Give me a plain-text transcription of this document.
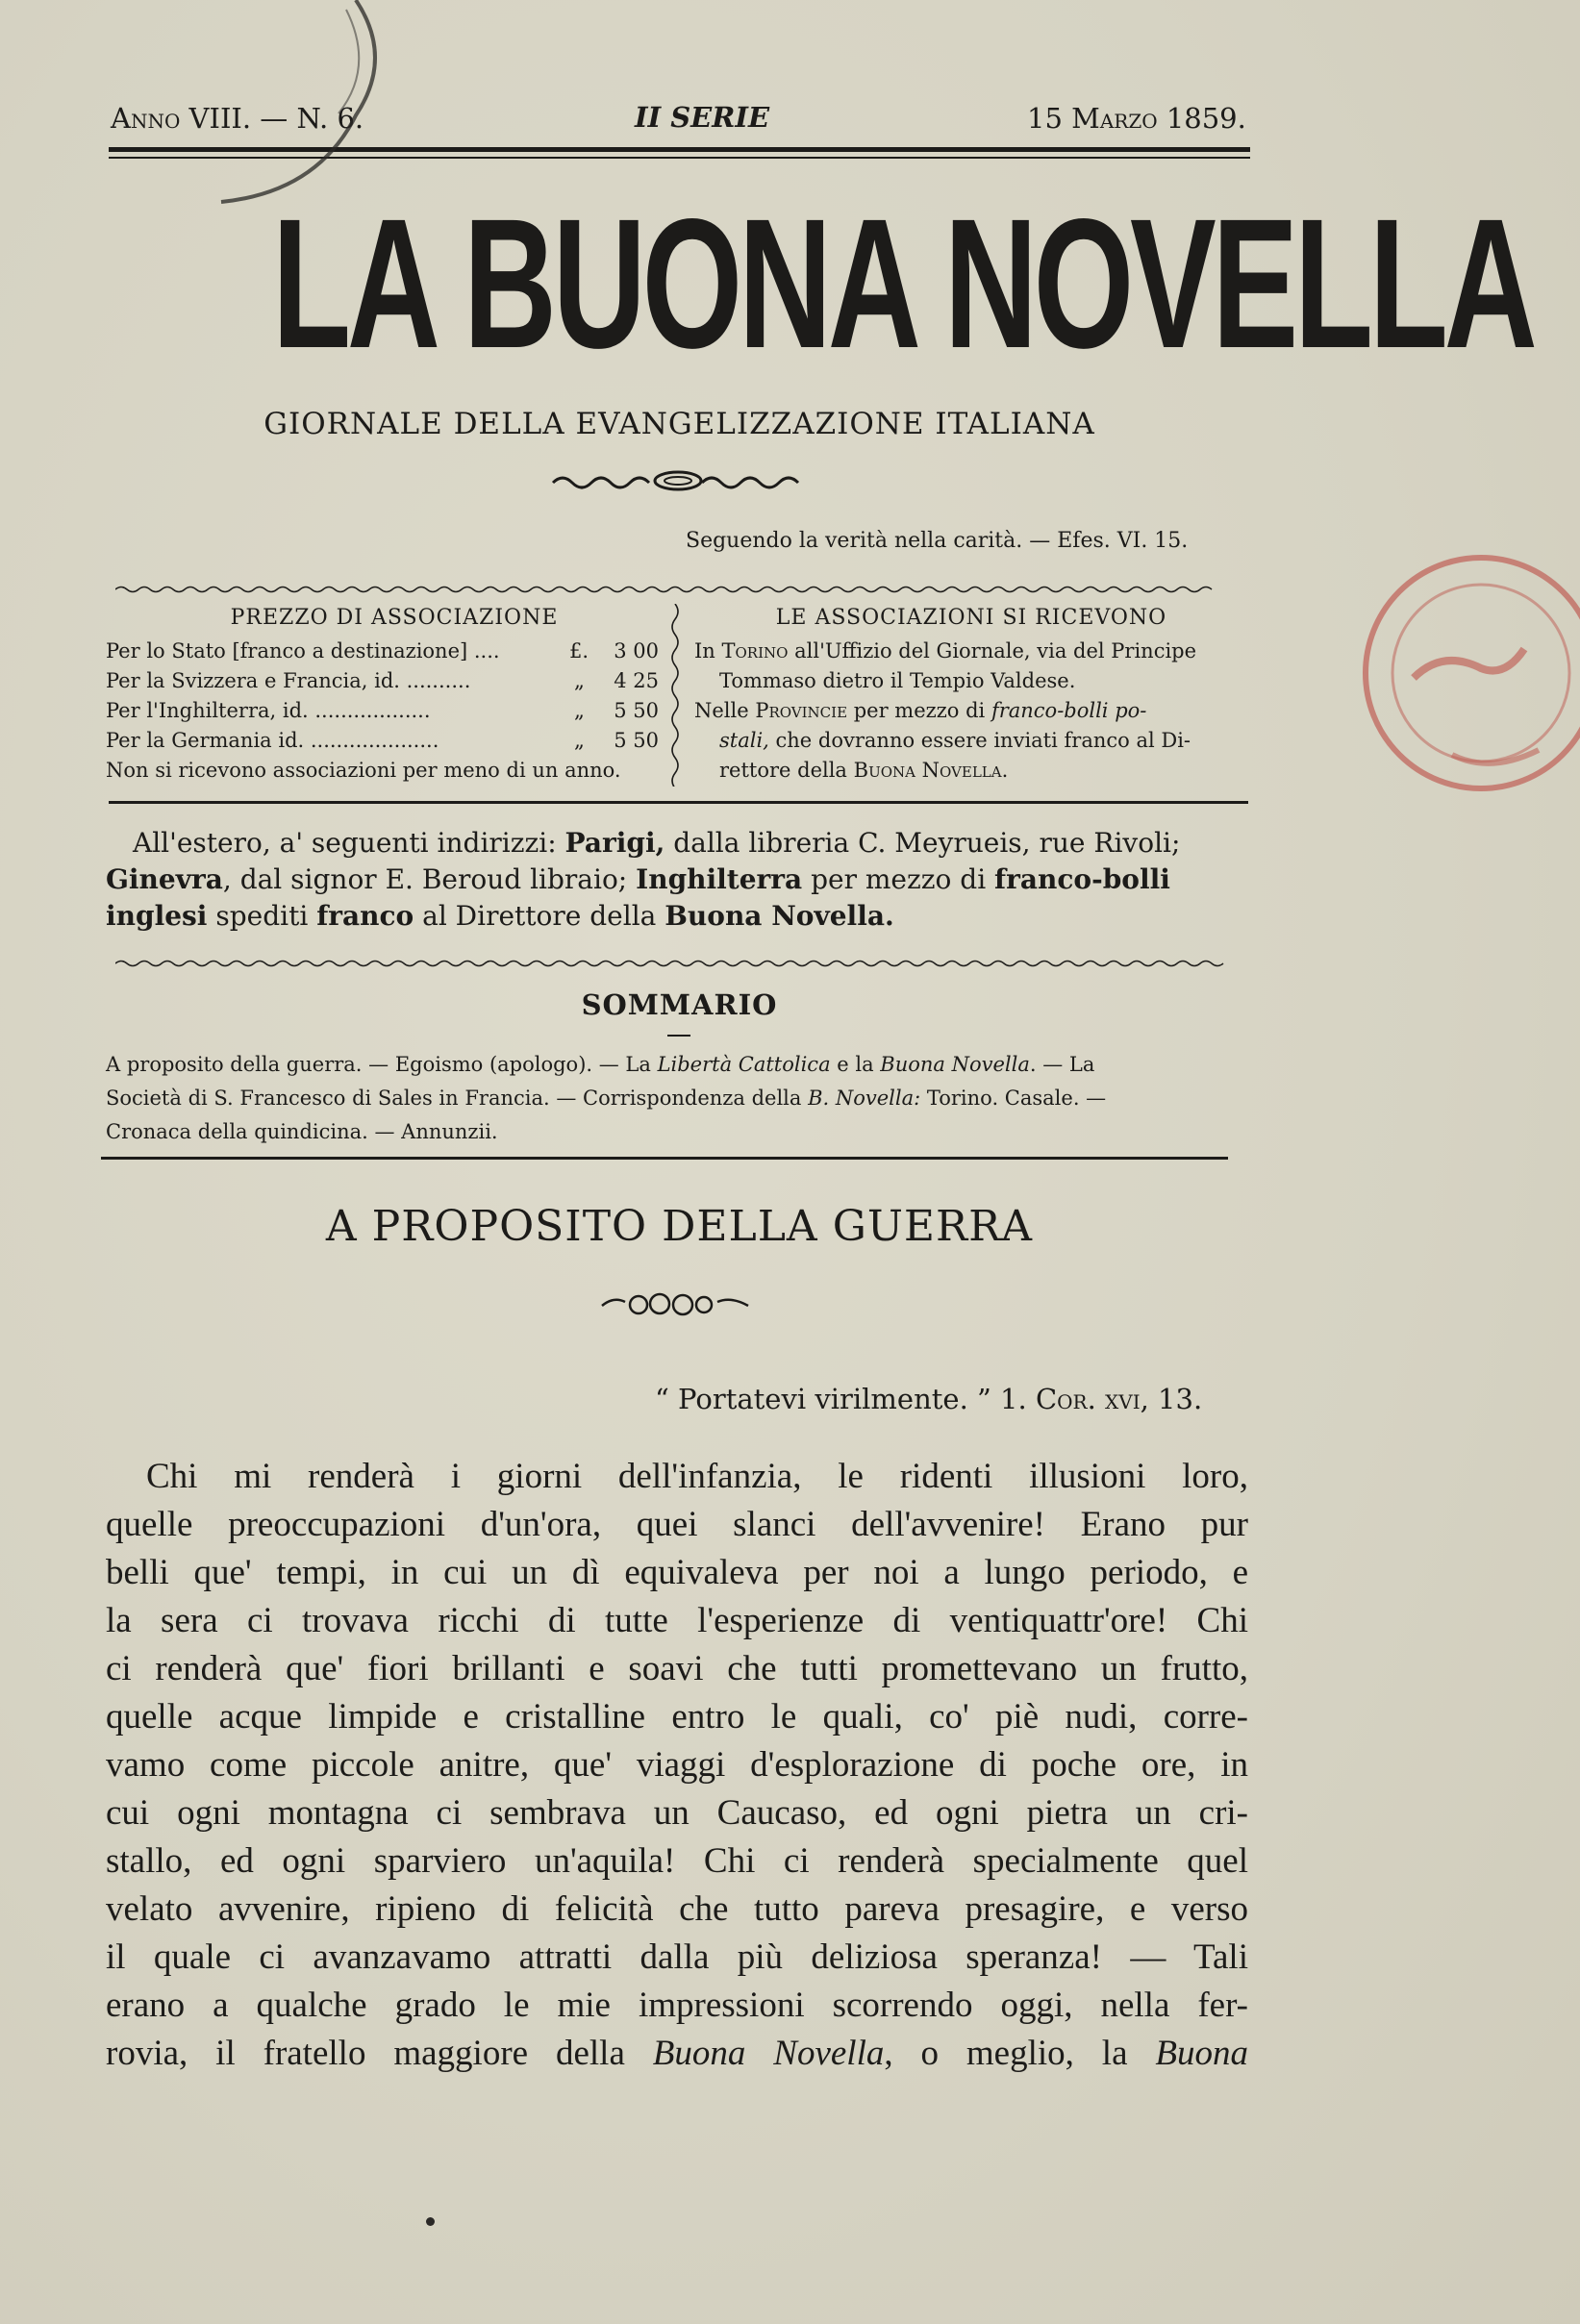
Anno VIII. — N. 6.	II SERIE	15 Marzo 1859.
LA BUONA NOVELLA
GIORNALE DELLA EVANGELIZZAZIONE ITALIANA
Seguendo la verità nella carità. — Efes. VI. 15.
PREZZO DI ASSOCIAZIONE
Per lo Stato [franco a destinazione] ....	£. 3 00
Per la Svizzera e Francia, id. ..........	„ 4 25
Per l'Inghilterra, id. ..................	„ 5 50
Per la Germania id. ....................	„ 5 50
Non si ricevono associazioni per meno di un anno.
LE ASSOCIAZIONI SI RICEVONO
In Torino all'Uffizio del Giornale, via del Principe
Tommaso dietro il Tempio Valdese.
Nelle Provincie per mezzo di franco-bolli po-
stali, che dovranno essere inviati franco al Di-
rettore della Buona Novella.
All'estero, a' seguenti indirizzi: Parigi, dalla libreria C. Meyrueis, rue Rivoli;
Ginevra, dal signor E. Beroud libraio; Inghilterra per mezzo di franco-bolli
inglesi spediti franco al Direttore della Buona Novella.
SOMMARIO
A proposito della guerra. — Egoismo (apologo). — La Libertà Cattolica e la Buona Novella. — La
Società di S. Francesco di Sales in Francia. — Corrispondenza della B. Novella: Torino. Casale. —
Cronaca della quindicina. — Annunzii.
A PROPOSITO DELLA GUERRA
“ Portatevi virilmente. ” 1. Cor. xvi, 13.
Chi mi renderà i giorni dell'infanzia, le ridenti illusioni loro,
quelle preoccupazioni d'un'ora, quei slanci dell'avvenire! Erano pur
belli que' tempi, in cui un dì equivaleva per noi a lungo periodo, e
la sera ci trovava ricchi di tutte l'esperienze di ventiquattr'ore! Chi
ci renderà que' fiori brillanti e soavi che tutti promettevano un frutto,
quelle acque limpide e cristalline entro le quali, co' piè nudi, corre-
vamo come piccole anitre, que' viaggi d'esplorazione di poche ore, in
cui ogni montagna ci sembrava un Caucaso, ed ogni pietra un cri-
stallo, ed ogni sparviero un'aquila! Chi ci renderà specialmente quel
velato avvenire, ripieno di felicità che tutto pareva presagire, e verso
il quale ci avanzavamo attratti dalla più deliziosa speranza! — Tali
erano a qualche grado le mie impressioni scorrendo oggi, nella fer-
rovia, il fratello maggiore della Buona Novella, o meglio, la Buona
